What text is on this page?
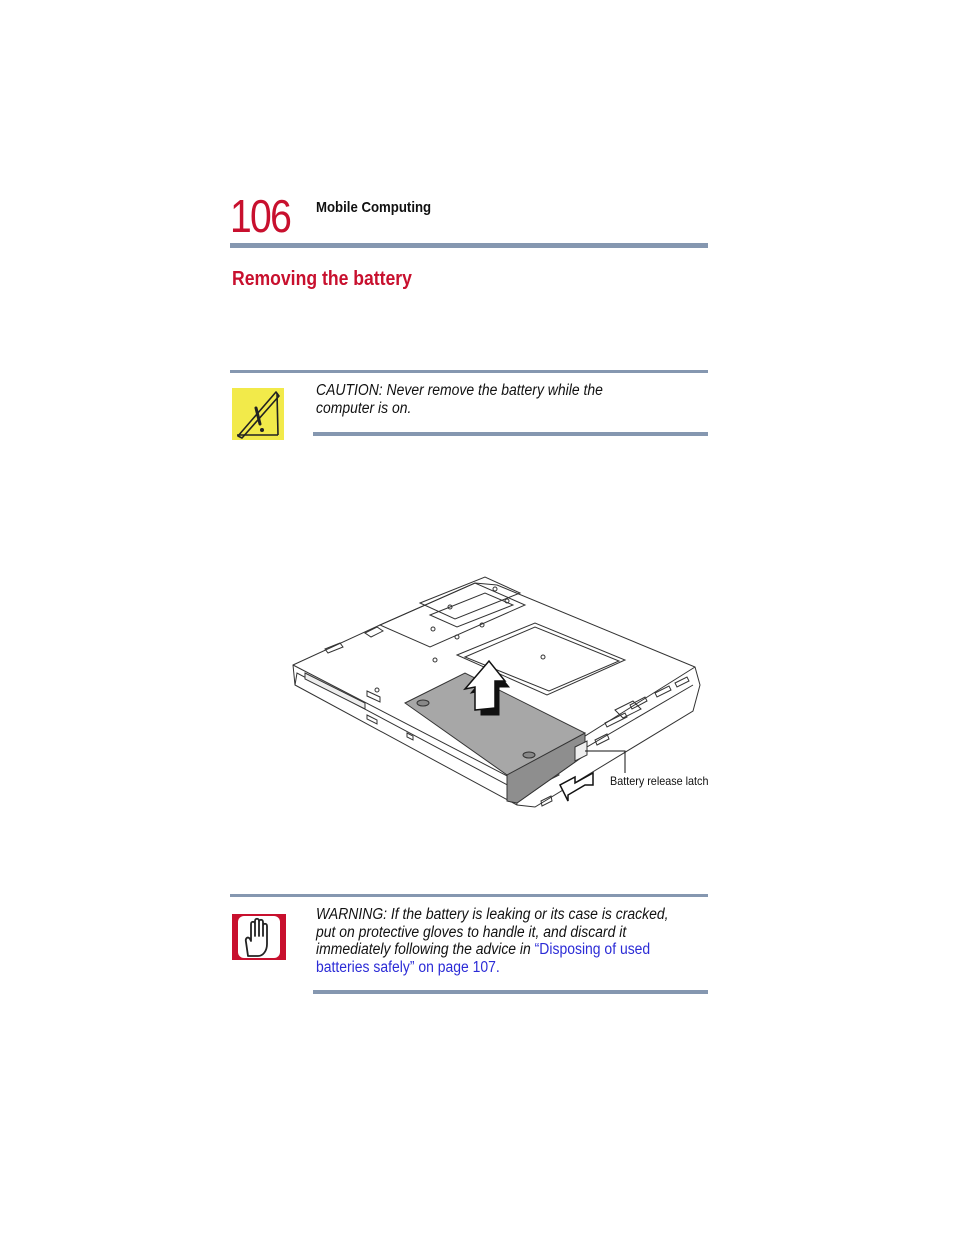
106 Mobile Computing
Removing the battery
CAUTION: Never remove the battery while the computer is on.
Battery release latch
WARNING: If the battery is leaking or its case is cracked, put on protective gloves to handle it, and discard it immediately following the advice in “Disposing of used batteries safely” on page 107.
